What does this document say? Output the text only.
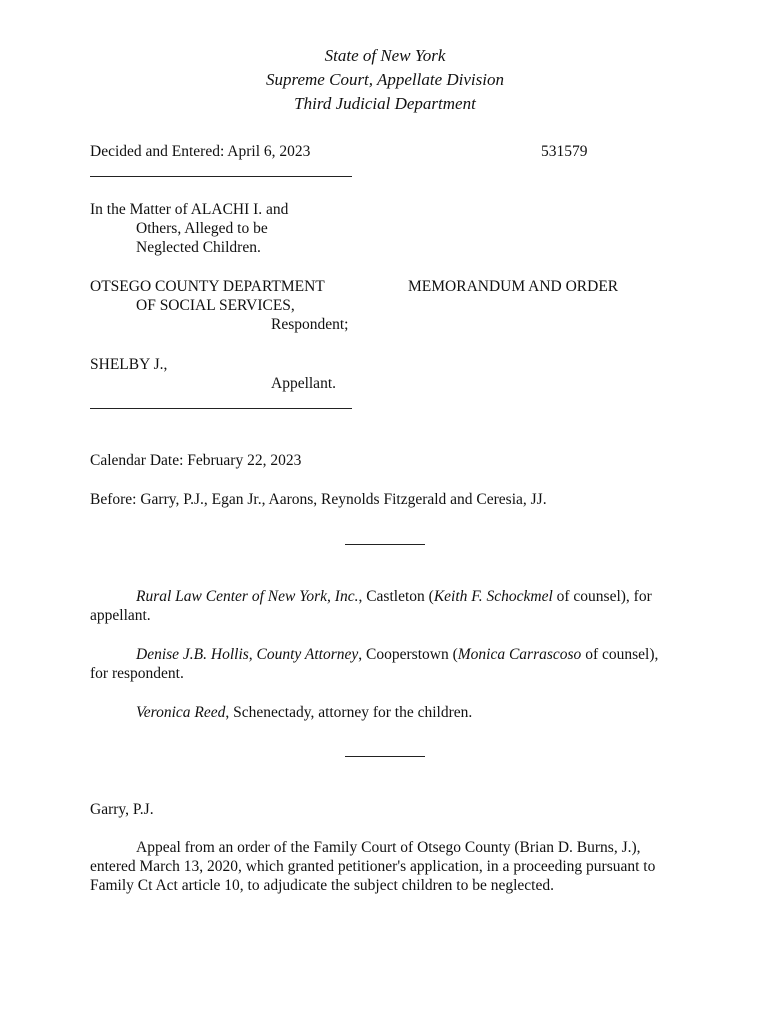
State of New York
Supreme Court, Appellate Division
Third Judicial Department
Decided and Entered: April 6, 2023	531579
In the Matter of ALACHI I. and
Others, Alleged to be
Neglected Children.
OTSEGO COUNTY DEPARTMENT
OF SOCIAL SERVICES,
Respondent;
MEMORANDUM AND ORDER
SHELBY J.,
Appellant.
Calendar Date: February 22, 2023
Before: Garry, P.J., Egan Jr., Aarons, Reynolds Fitzgerald and Ceresia, JJ.
Rural Law Center of New York, Inc., Castleton (Keith F. Schockmel of counsel), for appellant.
Denise J.B. Hollis, County Attorney, Cooperstown (Monica Carrascoso of counsel), for respondent.
Veronica Reed, Schenectady, attorney for the children.
Garry, P.J.
Appeal from an order of the Family Court of Otsego County (Brian D. Burns, J.), entered March 13, 2020, which granted petitioner's application, in a proceeding pursuant to Family Ct Act article 10, to adjudicate the subject children to be neglected.
